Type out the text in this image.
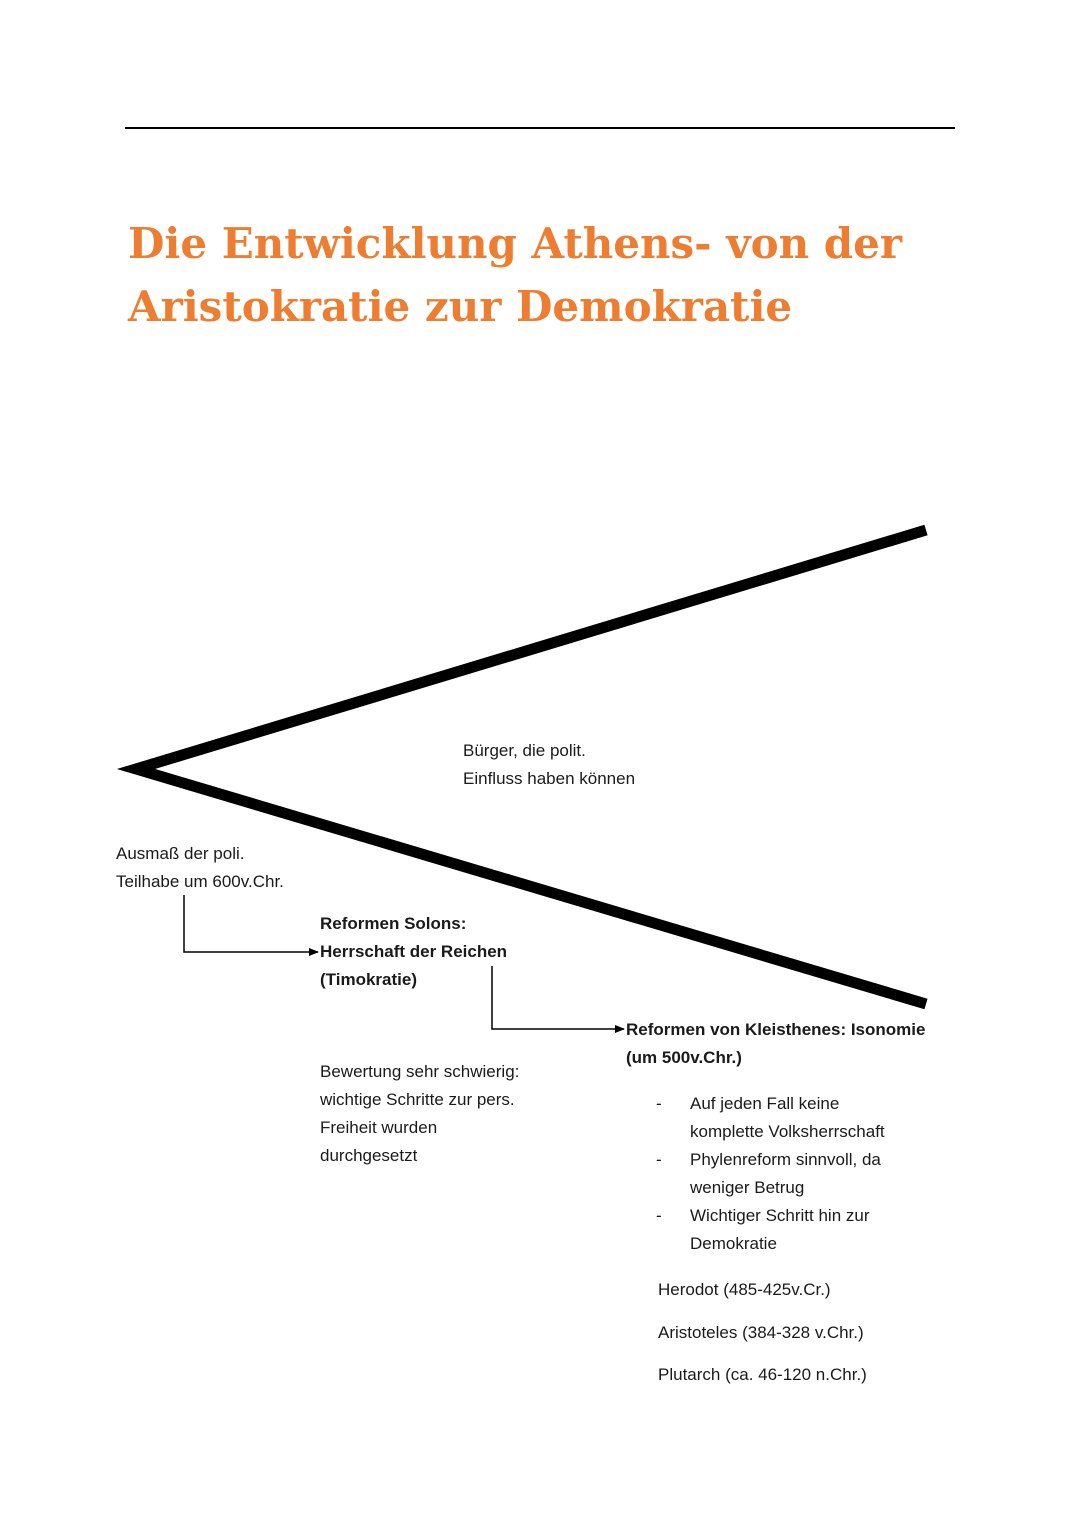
Die Entwicklung Athens- von der
Aristokratie zur Demokratie
Bürger, die polit.
Einfluss haben können
Ausmaß der poli.
Teilhabe um 600v.Chr.
Reformen Solons:
Herrschaft der Reichen
(Timokratie)
Reformen von Kleisthenes: Isonomie
(um 500v.Chr.)
Bewertung sehr schwierig:
wichtige Schritte zur pers.
Freiheit wurden
durchgesetzt
- Auf jeden Fall keine
komplette Volksherrschaft
- Phylenreform sinnvoll, da
weniger Betrug
- Wichtiger Schritt hin zur
Demokratie
Herodot (485-425v.Cr.)
Aristoteles (384-328 v.Chr.)
Plutarch (ca. 46-120 n.Chr.)
